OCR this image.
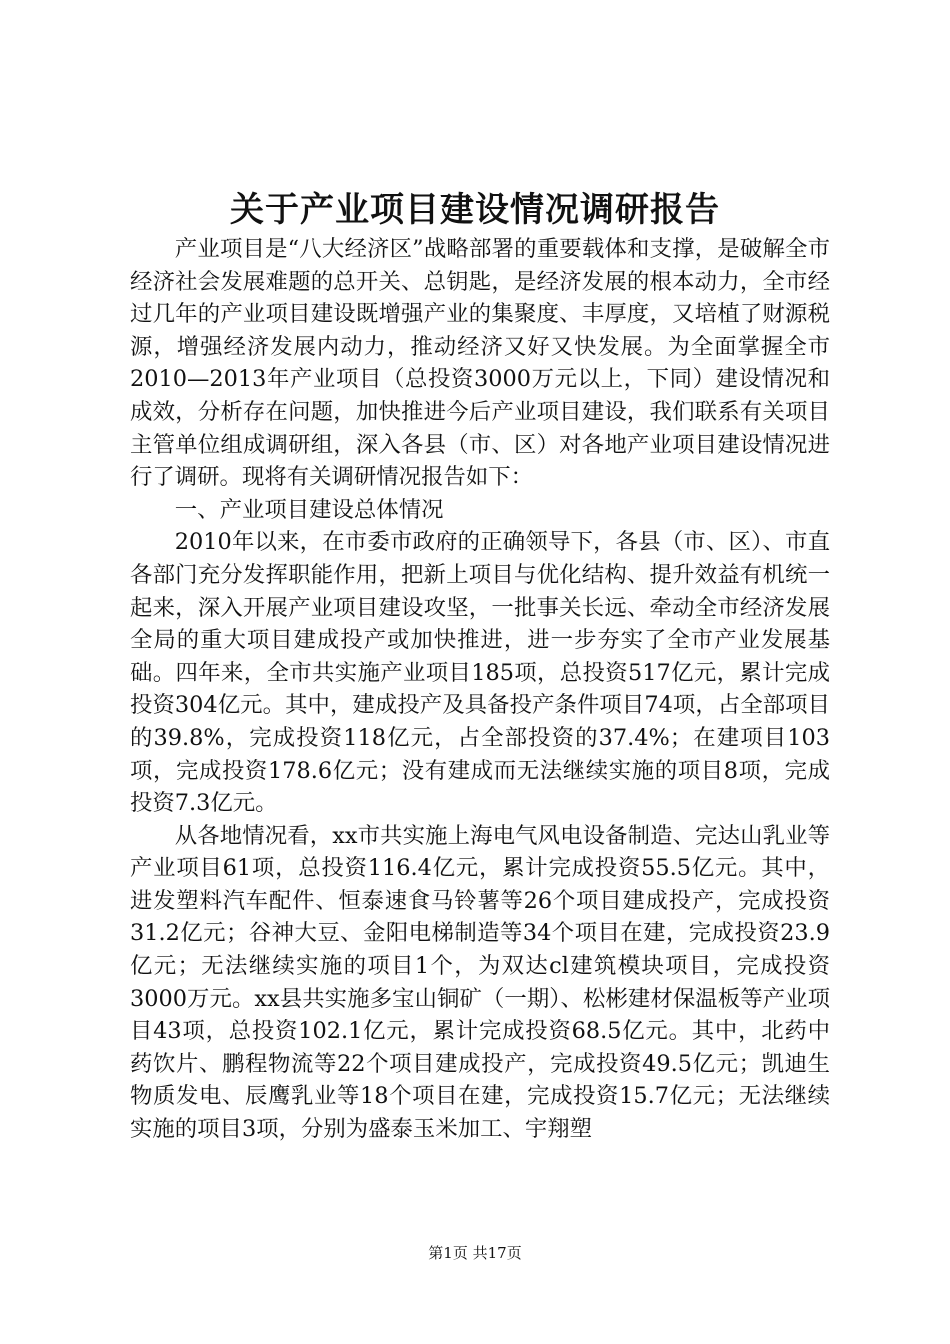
关于产业项目建设情况调研报告

产业项目是“八大经济区”战略部署的重要载体和支撑，是破解全市经济社会发展难题的总开关、总钥匙，是经济发展的根本动力，全市经过几年的产业项目建设既增强产业的集聚度、丰厚度，又培植了财源税源，增强经济发展内动力，推动经济又好又快发展。为全面掌握全市2010—2013年产业项目（总投资3000万元以上，下同）建设情况和成效，分析存在问题，加快推进今后产业项目建设，我们联系有关项目主管单位组成调研组，深入各县（市、区）对各地产业项目建设情况进行了调研。现将有关调研情况报告如下：

一、产业项目建设总体情况

2010年以来，在市委市政府的正确领导下，各县（市、区）、市直各部门充分发挥职能作用，把新上项目与优化结构、提升效益有机统一起来，深入开展产业项目建设攻坚，一批事关长远、牵动全市经济发展全局的重大项目建成投产或加快推进，进一步夯实了全市产业发展基础。四年来，全市共实施产业项目185项，总投资517亿元，累计完成投资304亿元。其中，建成投产及具备投产条件项目74项，占全部项目的39.8%，完成投资118亿元，占全部投资的37.4%；在建项目103项，完成投资178.6亿元；没有建成而无法继续实施的项目8项，完成投资7.3亿元。

从各地情况看，xx市共实施上海电气风电设备制造、完达山乳业等产业项目61项，总投资116.4亿元，累计完成投资55.5亿元。其中，进发塑料汽车配件、恒泰速食马铃薯等26个项目建成投产，完成投资31.2亿元；谷神大豆、金阳电梯制造等34个项目在建，完成投资23.9亿元；无法继续实施的项目1个，为双达cl建筑模块项目，完成投资3000万元。xx县共实施多宝山铜矿（一期）、松彬建材保温板等产业项目43项，总投资102.1亿元，累计完成投资68.5亿元。其中，北药中药饮片、鹏程物流等22个项目建成投产，完成投资49.5亿元；凯迪生物质发电、辰鹰乳业等18个项目在建，完成投资15.7亿元；无法继续实施的项目3项，分别为盛泰玉米加工、宇翔塑

第1页 共17页
